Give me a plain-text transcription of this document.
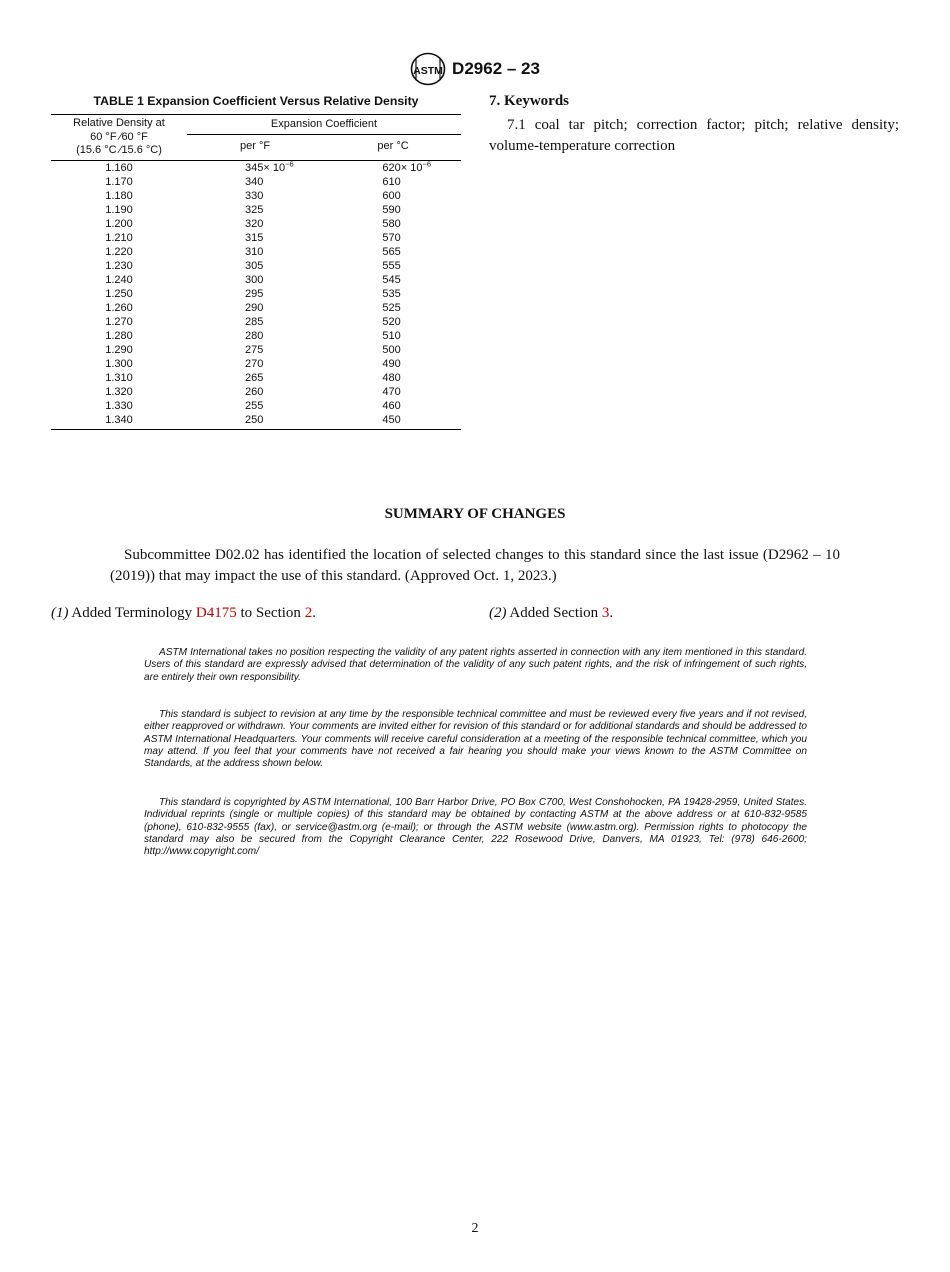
ASTM D2962 – 23
TABLE 1 Expansion Coefficient Versus Relative Density
Relative Density at
60 °F ⁄60 °F
(15.6 °C ⁄15.6 °C)	Expansion Coefficient	
	per °F	per °C
1.160	$345\times 10^{-6}$	$620\times 10^{-6}$
1.170	340	610
1.180	330	600
1.190	325	590
1.200	320	580
1.210	315	570
1.220	310	565
1.230	305	555
1.240	300	545
1.250	295	535
1.260	290	525
1.270	285	520
1.280	280	510
1.290	275	500
1.300	270	490
1.310	265	480
1.320	260	470
1.330	255	460
1.340	250	450
7. Keywords

7.1 coal tar pitch; correction factor; pitch; relative density; volume-temperature correction

SUMMARY OF CHANGES

Subcommittee D02.02 has identified the location of selected changes to this standard since the last issue (D2962 – 10 (2019)) that may impact the use of this standard. (Approved Oct. 1, 2023.)

(1) Added Terminology D4175 to Section 2.	(2) Added Section 3.

ASTM International takes no position respecting the validity of any patent rights asserted in connection with any item mentioned in this standard. Users of this standard are expressly advised that determination of the validity of any such patent rights, and the risk of infringement of such rights, are entirely their own responsibility.

This standard is subject to revision at any time by the responsible technical committee and must be reviewed every five years and if not revised, either reapproved or withdrawn. Your comments are invited either for revision of this standard or for additional standards and should be addressed to ASTM International Headquarters. Your comments will receive careful consideration at a meeting of the responsible technical committee, which you may attend. If you feel that your comments have not received a fair hearing you should make your views known to the ASTM Committee on Standards, at the address shown below.

This standard is copyrighted by ASTM International, 100 Barr Harbor Drive, PO Box C700, West Conshohocken, PA 19428-2959, United States. Individual reprints (single or multiple copies) of this standard may be obtained by contacting ASTM at the above address or at 610-832-9585 (phone), 610-832-9555 (fax), or service@astm.org (e-mail); or through the ASTM website (www.astm.org). Permission rights to photocopy the standard may also be secured from the Copyright Clearance Center, 222 Rosewood Drive, Danvers, MA 01923, Tel: (978) 646-2600; http://www.copyright.com/

2
